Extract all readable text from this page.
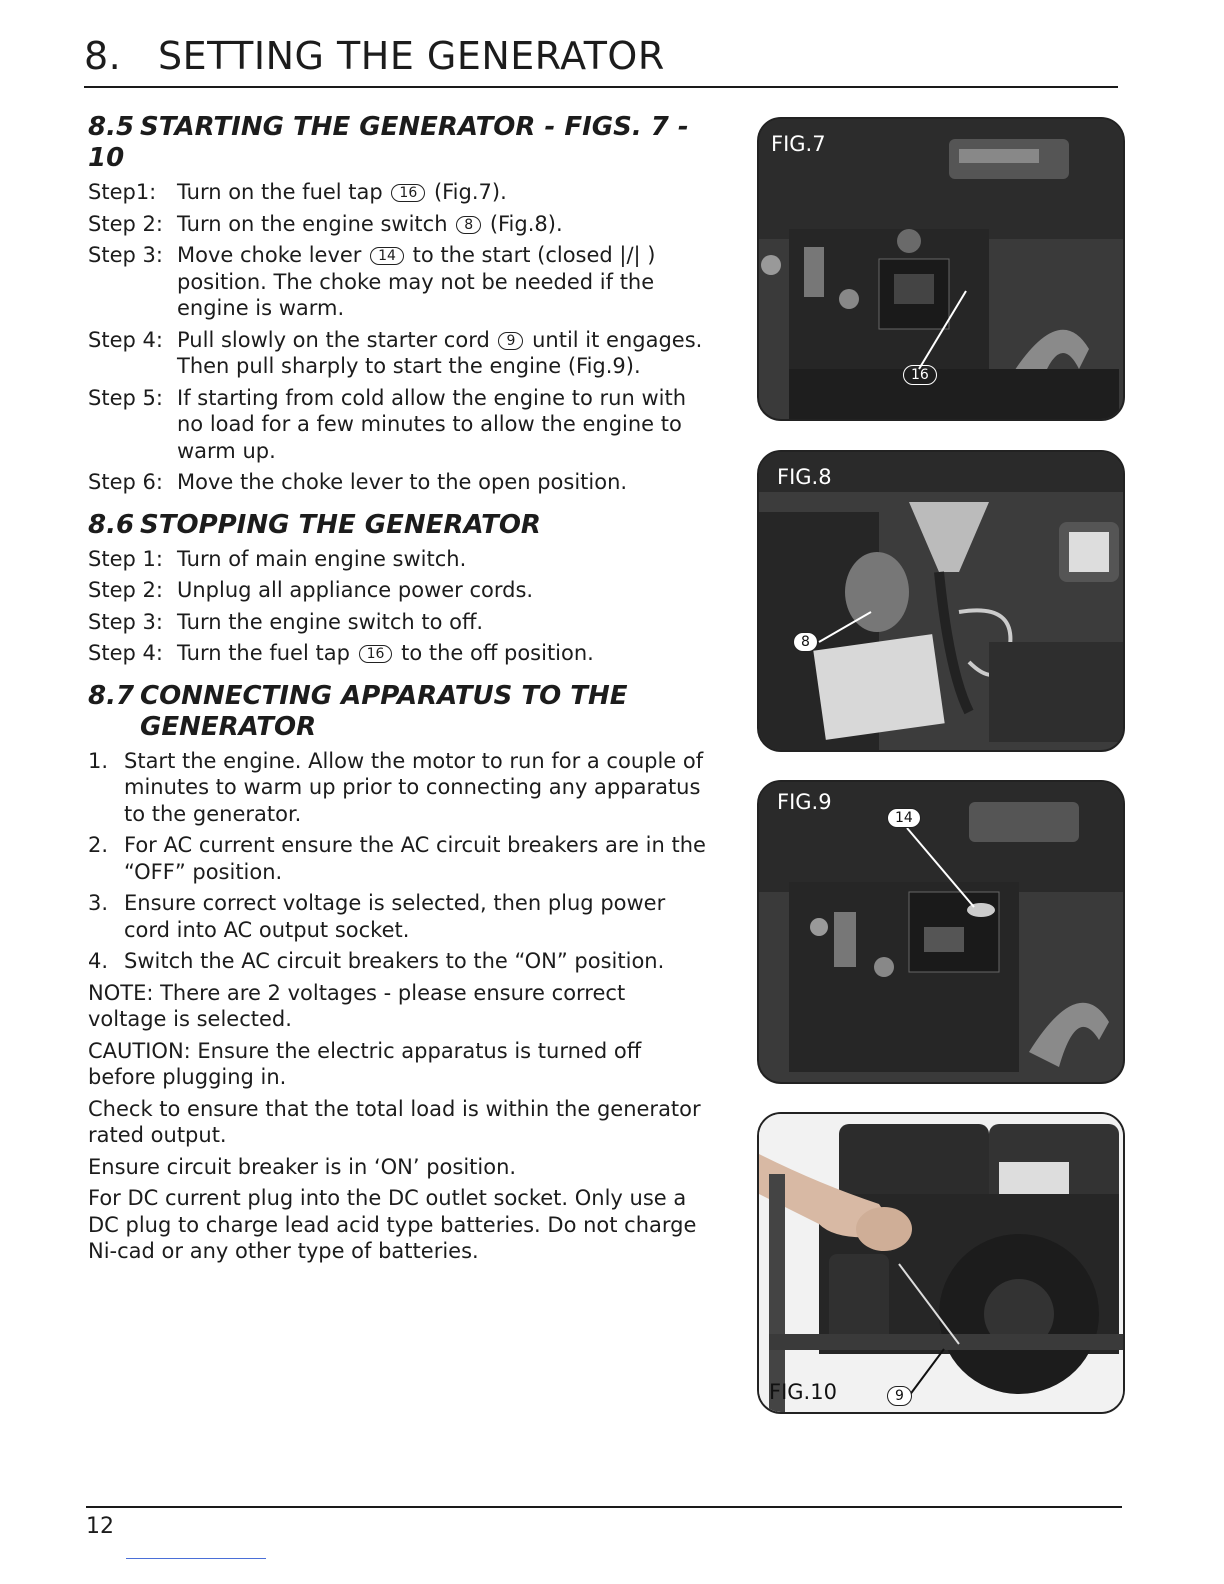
8. SETTING THE GENERATOR
8.5 STARTING THE GENERATOR - FIGS. 7 - 10
Step1: Turn on the fuel tap 16 (Fig.7).
Step 2: Turn on the engine switch 8 (Fig.8).
Step 3: Move choke lever 14 to the start (closed |∕| ) position. The choke may not be needed if the engine is warm.
Step 4: Pull slowly on the starter cord 9 until it engages. Then pull sharply to start the engine (Fig.9).
Step 5: If starting from cold allow the engine to run with no load for a few minutes to allow the engine to warm up.
Step 6: Move the choke lever to the open position.
8.6 STOPPING THE GENERATOR
Step 1: Turn of main engine switch.
Step 2: Unplug all appliance power cords.
Step 3: Turn the engine switch to off.
Step 4: Turn the fuel tap 16 to the off position.
8.7 CONNECTING APPARATUS TO THE GENERATOR
1. Start the engine. Allow the motor to run for a couple of minutes to warm up prior to connecting any apparatus to the generator.
2. For AC current ensure the AC circuit breakers are in the “OFF” position.
3. Ensure correct voltage is selected, then plug power cord into AC output socket.
4. Switch the AC circuit breakers to the “ON” position.
NOTE: There are 2 voltages - please ensure correct voltage is selected.
CAUTION: Ensure the electric apparatus is turned off before plugging in.
Check to ensure that the total load is within the generator rated output.
Ensure circuit breaker is in ‘ON’ position.
For DC current plug into the DC outlet socket. Only use a DC plug to charge lead acid type batteries. Do not charge Ni-cad or any other type of batteries.
FIG.7
16
FIG.8
8
FIG.9
14
FIG.10	9
12
